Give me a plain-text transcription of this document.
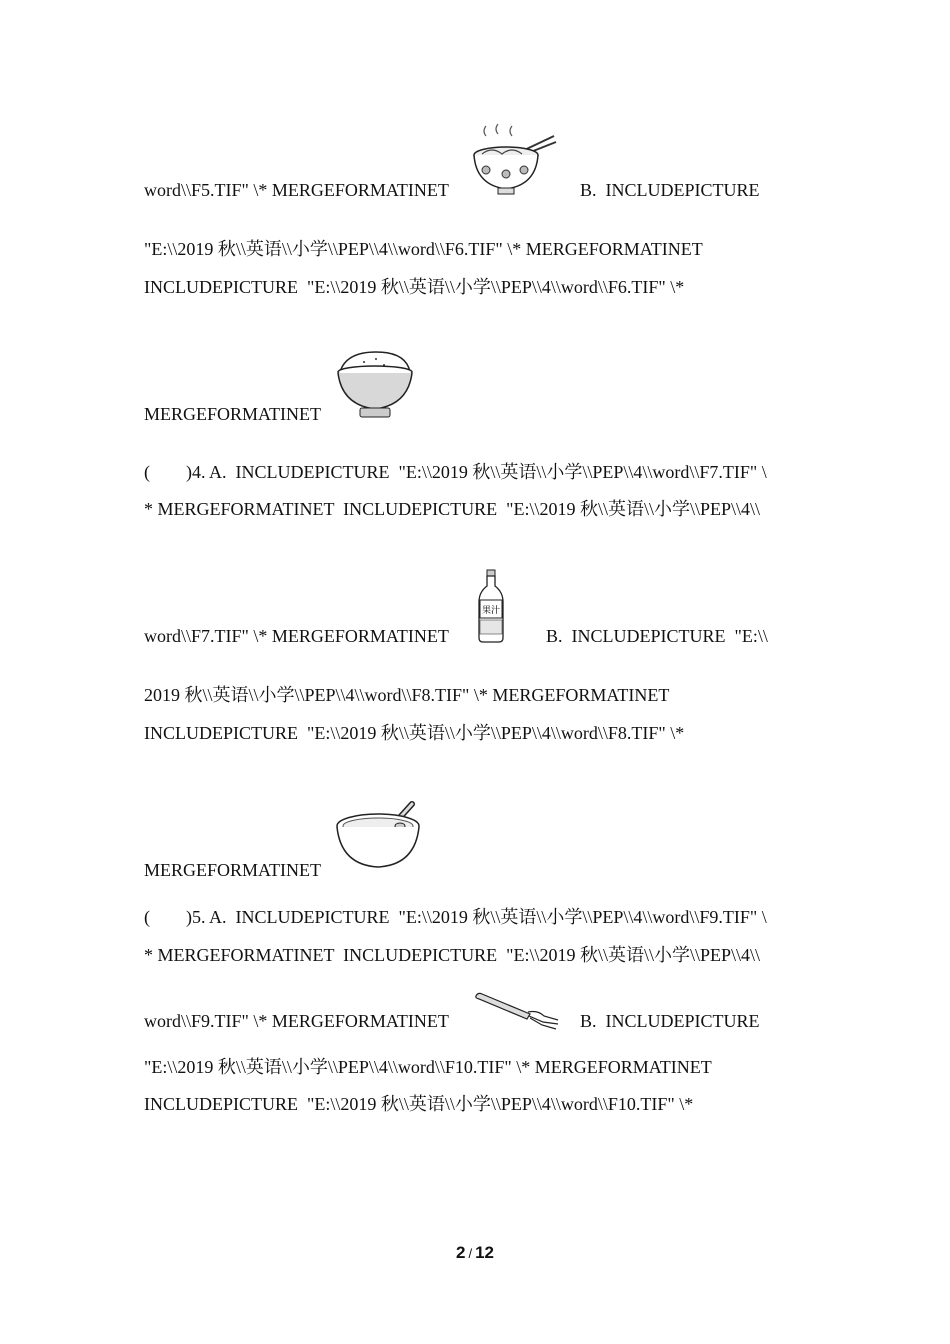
word\\F5.TIF" \* MERGEFORMATINET	B.  INCLUDEPICTURE
"E:\\2019 秋\\英语\\小学\\PEP\\4\\word\\F6.TIF" \* MERGEFORMATINET
INCLUDEPICTURE  "E:\\2019 秋\\英语\\小学\\PEP\\4\\word\\F6.TIF" \*
MERGEFORMATINET
(        )4. A.  INCLUDEPICTURE  "E:\\2019 秋\\英语\\小学\\PEP\\4\\word\\F7.TIF" \
* MERGEFORMATINET  INCLUDEPICTURE  "E:\\2019 秋\\英语\\小学\\PEP\\4\\
word\\F7.TIF" \* MERGEFORMATINET
果汁
B.  INCLUDEPICTURE  "E:\\
2019 秋\\英语\\小学\\PEP\\4\\word\\F8.TIF" \* MERGEFORMATINET
INCLUDEPICTURE  "E:\\2019 秋\\英语\\小学\\PEP\\4\\word\\F8.TIF" \*
MERGEFORMATINET
(        )5. A.  INCLUDEPICTURE  "E:\\2019 秋\\英语\\小学\\PEP\\4\\word\\F9.TIF" \
* MERGEFORMATINET  INCLUDEPICTURE  "E:\\2019 秋\\英语\\小学\\PEP\\4\\
word\\F9.TIF" \* MERGEFORMATINET	B.  INCLUDEPICTURE
"E:\\2019 秋\\英语\\小学\\PEP\\4\\word\\F10.TIF" \* MERGEFORMATINET
INCLUDEPICTURE  "E:\\2019 秋\\英语\\小学\\PEP\\4\\word\\F10.TIF" \*
2 / 12
